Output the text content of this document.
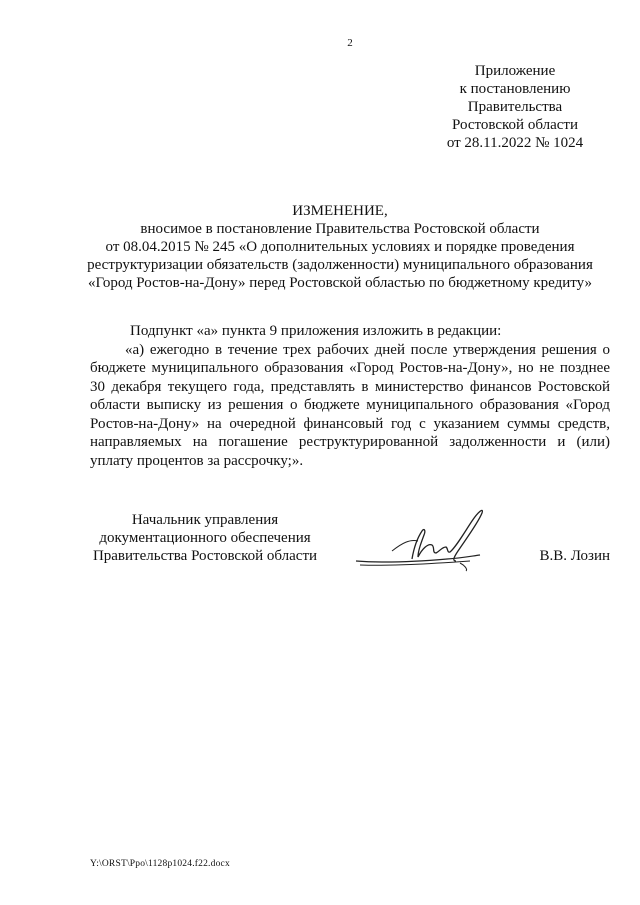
2
Приложение
к постановлению
Правительства
Ростовской области
от 28.11.2022 № 1024
ИЗМЕНЕНИЕ,
вносимое в постановление Правительства Ростовской области
от 08.04.2015 № 245 «О дополнительных условиях и порядке проведения
реструктуризации обязательств (задолженности) муниципального образования
«Город Ростов-на-Дону» перед Ростовской областью по бюджетному кредиту»
Подпункт «а» пункта 9 приложения изложить в редакции:
«а) ежегодно в течение трех рабочих дней после утверждения решения о бюджете муниципального образования «Город Ростов-на-Дону», но не позднее 30 декабря текущего года, представлять в министерство финансов Ростовской области выписку из решения о бюджете муниципального образования «Город Ростов-на-Дону» на очередной финансовый год с указанием суммы средств, направляемых на погашение реструктурированной задолженности и (или) уплату процентов за рассрочку;».
Начальник управления
документационного обеспечения
Правительства Ростовской области	В.В. Лозин
Y:\ORST\Ppo\1128p1024.f22.docx
